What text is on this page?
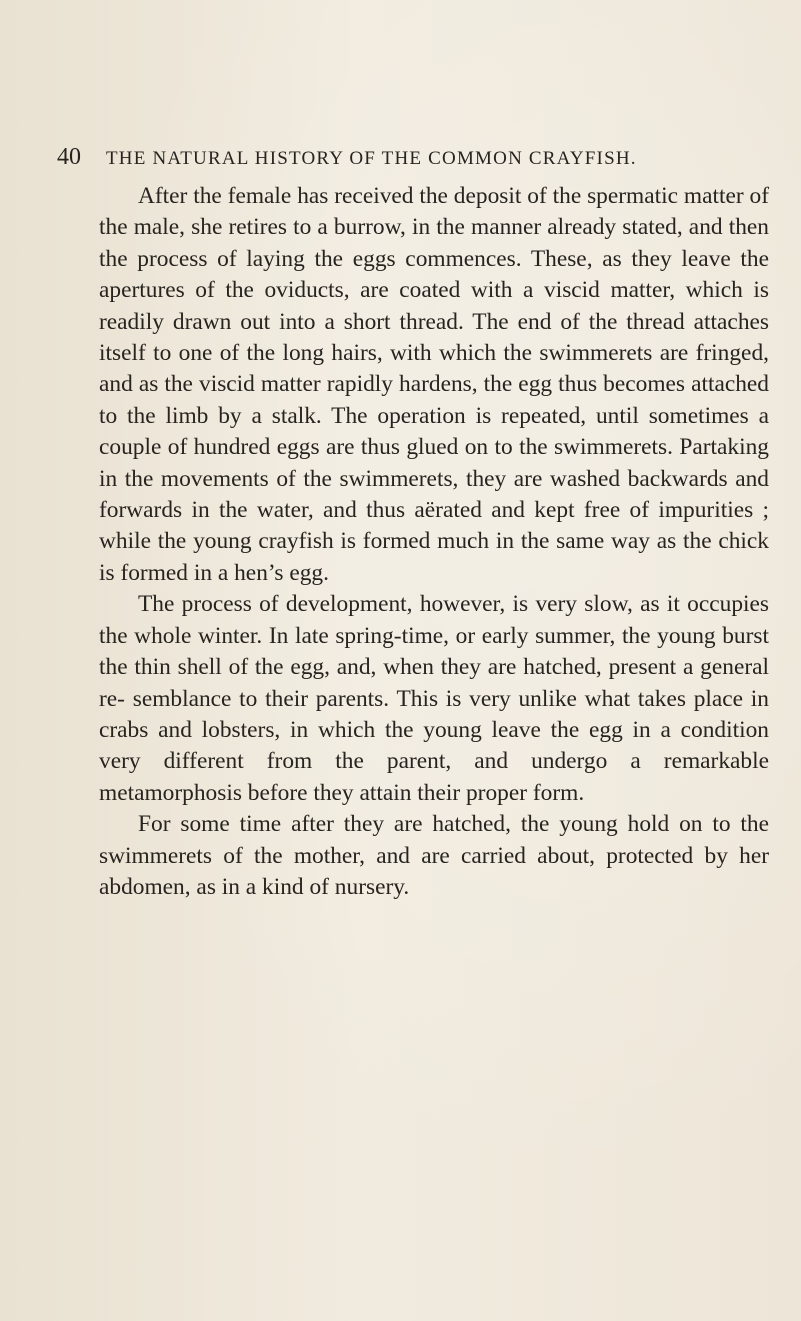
40 THE NATURAL HISTORY OF THE COMMON CRAYFISH.

After the female has received the deposit of the spermatic matter of the male, she retires to a burrow, in the manner already stated, and then the process of laying the eggs commences. These, as they leave the apertures of the oviducts, are coated with a viscid matter, which is readily drawn out into a short thread. The end of the thread attaches itself to one of the long hairs, with which the swimmerets are fringed, and as the viscid matter rapidly hardens, the egg thus becomes attached to the limb by a stalk. The operation is repeated, until sometimes a couple of hundred eggs are thus glued on to the swimmerets. Partaking in the movements of the swimmerets, they are washed backwards and forwards in the water, and thus aërated and kept free of impurities ; while the young crayfish is formed much in the same way as the chick is formed in a hen’s egg.

The process of development, however, is very slow, as it occupies the whole winter. In late spring-time, or early summer, the young burst the thin shell of the egg, and, when they are hatched, present a general re- semblance to their parents. This is very unlike what takes place in crabs and lobsters, in which the young leave the egg in a condition very different from the parent, and undergo a remarkable metamorphosis before they attain their proper form.

For some time after they are hatched, the young hold on to the swimmerets of the mother, and are carried about, protected by her abdomen, as in a kind of nursery.
